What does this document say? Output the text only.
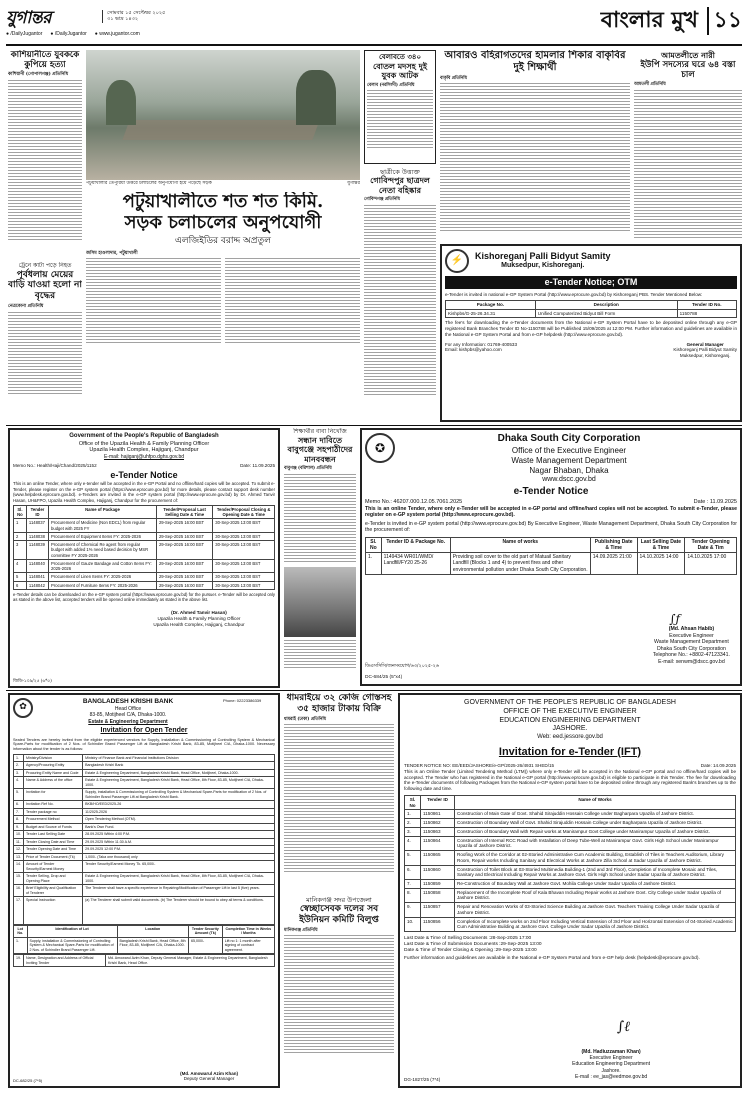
যুগান্তর	সোমবার ১৫ সেপ্টেম্বর ২০২৫
৩১ ভাদ্র ১৪৩২
● /DailyJugantor ● /DailyJugantor ● www.jugantor.com
বাংলার মুখ ১১
কাশিয়ানীতে যুবককে কুপিয়ে হত্যা
কাশিয়ানী (গোপালগঞ্জ) প্রতিনিধি
ট্রেনে কাটা পড়ে নিহত
পূর্বধলায় মেয়ের বাড়ি যাওয়া হলো না বৃদ্ধের
নেত্রকোনা প্রতিনিধি
পটুয়াখালীর তেপুরিয়া উত্তরে চলাচলের অনুপযোগী হয়ে পড়েছে সড়ক	যুগান্তর
পটুয়াখালীতে শত শত কিমি.
সড়ক চলাচলের অনুপযোগী
এলজিইডির বরাদ্দ অপ্রতুল
জসিম হাওলাদার, পটুয়াখালী
বেলাবতে ৩৪০
বোতল মদসহ দুই যুবক আটক
বেলাব (নরসিংদী) প্রতিনিধি
ছাত্রীকে উত্ত্যক্ত
গোবিন্দপুর ছাত্রদল নেতা বহিষ্কার
গোবিন্দগঞ্জ প্রতিনিধি
আবারও বহিরাগতদের হামলার শিকার বাকৃবির দুই শিক্ষার্থী
বাকৃবি প্রতিনিধি
আমতলীতে নারী
ইউপি সদস্যের ঘরে ৬৪ বস্তা চাল
আমতলী প্রতিনিধি
⚡	Kishoreganj Palli Bidyut Samity
Muksedpur, Kishoreganj.
e-Tender Notice; OTM
e-Tender is invited in national e-GP System Portal (http://www.eprocure.gov.bd) by Kishoreganj PBS. Tender Mentioned Below:
Package No.	Description	Tender ID No.
Kishpbs/G-25-26.34.31	Unified Computerized Bidyut Bill Form	1150788
The fee's for downloading the e-Tender documents from the National e-GP System Portal have to be deposited online through any e-GP registered Bank Branches Tender ID No-1150788 will be Published 15/09/2025 at 12:00 PM. Further information and guidelines are available in the National e-GP System Portal and from e-GP helpdesk (http://www.eprocure.gov.bd).
For any Information: 01769-400533
Email: kishpbs@yahoo.com
General Manager
Kishoreganj Palli Bidyut Samity
Muksedpur, Kishoreganj.
Government of the People's Republic of Bangladesh
Office of the Upazila Health & Family Planning Officer
Upazila Health Complex, Hajiganj, Chandpur
E-mail: hajiganj@uhfpo.dghs.gov.bd
Memo No.: Health/Haji/Chand/2025/1152	Date: 11.09.2025
e-Tender Notice
This is an online Tender, where only e-tender will be accepted in the e-GP Portal and no offline/hard copies will be accepted. To submit e-Tender, please register on the e-GP system portal (https://www.eprocure.gov.bd) for more details, please contact support desk number (www.helpdesk.eprocure.gov.bd). e-Tenders are invited in the e-GP system portal (http://www.eprocure.gov.bd) by Dr. Ahmed Tanvir Hasan, UH&FPO, Upazila Health Complex, Hajiganj, Chandpur for the procurement of:
Sl. No	Tender ID	Name of Package	Tender/Proposal Last Selling Date & Time	Tender/Proposal Closing & Opening Date & Time
1	1148037	Procurement of Medicine (Non EDCL) from regular budget with 2025 FY	29-Sep-2025 16:00 BST	30-Sep-2025 13:00 BST
2	1148038	Procurement of Equipment Items FY: 2025-2026	29-Sep-2025 16:00 BST	30-Sep-2025 13:00 BST
3	1148039	Procurement of Chemical Re agent from regular budget with added 1% need based decision by MSR committee FY 2025-2026	29-Sep-2025 16:00 BST	30-Sep-2025 13:00 BST
4	1148040	Procurement of Gauze Bandage and Cotton Items FY: 2025-2026	29-Sep-2025 16:00 BST	30-Sep-2025 13:00 BST
5	1148041	Procurement of Linen Items FY: 2025-2026	29-Sep-2025 16:00 BST	30-Sep-2025 13:00 BST
6	1148042	Procurement of Furniture Items FY: 2025-2026	29-Sep-2025 16:00 BST	30-Sep-2025 13:00 BST
e-Tender details can be downloaded on the e-GP system portal (https://www.eprocure.gov.bd) for the pursuer. e-Tender will be accepted only as stated in the above list, accepted tenders will be opened online immediately as stated in the above list.
(Dr. Ahmed Tanvir Hasan)
Upazila Health & Family Planning Officer
Upazila Health Complex, Hajiganj, Chandpur
জিডি-১০৯/২৫ (৬*৫)
শিক্ষার্থীর বাবা নিখোঁজ
সন্ধান দাবিতে বাবুগঞ্জে সহপাঠীদের মানববন্ধন
বাবুগঞ্জ (বরিশাল) প্রতিনিধি
✪
Dhaka South City Corporation
Office of the Executive Engineer
Waste Management Department
Nagar Bhaban, Dhaka
www.dscc.gov.bd
e-Tender Notice
Memo No.: 46207.000.12.05.7061.2025	Date : 11.09.2025
This is an online Tender, where only e-Tender will be accepted in e-GP portal and offline/hard copies will not be accepted. To submit e-Tender, please register on e-GP system portal (http://www.eprocure.gov.bd).
e-Tender is invited in e-GP system portal (http://www.eprocure.gov.bd) By Executive Engineer, Waste Management Department, Dhaka South City Corporation for the procurement of:
Sl. No	Tender ID & Package No.	Name of works	Publishing Date & Time	Last Selling Date & Time	Tender Opening Date & Tim
1.	1149434 WR01/WMD/ Landfill/FY20 25-26	Providing soil cover to the old part of Matuail Sanitary Landfill (Blocks 1 and 4) to prevent fires and other environmental pollution under Dhaka South City Corporation.	14.09.2025 21:00	14.10.2025 14:00	14.10.2025 17:00
∫ƒ
(Md. Ahsan Habib)
Executive Engineer
Waste Management Department
Dhaka South City Corporation
Telephone No.: +8802-47123341.
E-mail: xenwm@dscc.gov.bd
ডিএসসিসি/জনসংযোগ/৬৩/২০২৫-২৬
DC-684/25 (5"x4)
✿
BANGLADESH KRISHI BANK
Head Office
83-85, Motijheel C/A, Dhaka-1000.
Estate & Engineering Department
Phone: 02223386339
Invitation for Open Tender
Sealed Tenders are hereby invited from the eligible experienced vendors for Supply, installation & Commissioning of Controlling System & Mechanical Spare-Parts for modification of 2 Nos. of Schindler Brand Passenger Lift at Bangladesh Krishi Bank, 83-85, Motijheel C/A, Dhaka-1000. Necessary information about the tender is as follows:
1.	Ministry/Division	Ministry of Finance Bank and Financial Institutions Division
2.	Agency/Procuring Entity	Bangladesh Krishi Bank
3.	Procuring Entity Name and Code	Estate & Engineering Department, Bangladesh Krishi Bank, Head Office, Motijheel, Dhaka-1000.
4.	Name & Address of the office	Estate & Engineering Department, Bangladesh Krishi Bank, Head Office, 8th Floor, 83-85, Motijheel C/A, Dhaka-1000.
5.	Invitation for	Supply, installation & Commissioning of Controlling System & Mechanical Spare-Parts for modification of 2 Nos. of Schindler Brand Passenger Lift at Bangladesh Krishi Bank.
6.	Invitation Ref No.	BKB/HO/EED/2025-26
7.	Tender package no	11/2025-2026
8.	Procurement Method	Open Tendering Method (OTM).
9.	Budget and Source of Funds	Bank's Own Fund.
10.	Tender Last Selling Date	28.09.2025 Within 4:00 P.M.
11.	Tender Closing Date and Time	29.09.2025 Within 11:30 A.M.
12.	Tender Opening Date and Time	29.09.2025 12:00 P.M.
13.	Price of Tender Document (Tk)	1,000/- (Taka one thousand) only
14.	Amount of Tender Security/Earnest Money	Tender Security/Earnest Money Tk. 65,000/-
15.	Tender Selling, Drop and Opening Place	Estate & Engineering Department, Bangladesh Krishi Bank, Head Office, 8th Floor, 83-85, Motijheel C/A, Dhaka-1000.
16.	Brief Eligibility and Qualification of Tenderer	The Tenderer shall have a specific experience in Repairing/Modification of Passenger Lift in last 5 (five) years.
17.	Special Instruction	(a) The Tenderer shall submit valid documents. (b) The Tenderer should be bound to obey all terms & conditions.
Lot No.	Identification of Lot	Location	Tender Security Amount (Tk)	Completion Time in Weeks / Months
1.	Supply, installation & Commissioning of Controlling System & Mechanical Spare-Parts for modification of 2 Nos. of Schindler Brand Passenger Lift.	Bangladesh Krishi Bank, Head Office, 8th Floor, 83-85, Motijheel C/A, Dhaka-1000.	65,000/-	Lift no 1: 1 month after signing of contract agreement.
19.	Name, Designation and Address of Official Inviting Tender	Md. Amowarul Azim Khan, Deputy General Manager, Estate & Engineering Department, Bangladesh Krishi Bank, Head Office.
(Md. Amowarul Azim Khan)
Deputy General Manager
DC-682/25 (7*5)
ধামরাইয়ে ৩২ কেজি গোস্তসহ ৩৫ হাজার টাকায় বিক্রি
ধামরাই (ঢাকা) প্রতিনিধি
মানিকগঞ্জ সদর উপজেলা
স্বেচ্ছাসেবক দলের সব ইউনিয়ন কমিটি বিলুপ্ত
মানিকগঞ্জ প্রতিনিধি
GOVERNMENT OF THE PEOPLE'S REPUBLIC OF BANGLADESH
OFFICE OF THE EXECUTIVE ENGINEER
EDUCATION ENGINEERING DEPARTMENT
JASHORE.
Web: eed.jessore.gov.bd
Invitation for e-Tender (IFT)
TENDER NOTICE NO: EE/EED/JASHORE/e-GP/2025-26/4931 SHED/15	Date: 14.09.2025
This is an Online Tender (Limited Tendering Method (LTM)) where only e-Tender will be accepted in the National e-GP portal and no offline/hard copies will be accepted. The Tender who has registered in the National e-GP portal (http://www.eprocure.gov.bd) is eligible to participate in this Tender. The fee for downloading the e-Tender documents of following Packages from the National e-GP system portal have to be deposited online through any registered Bank's branches up to the following date and time.
Sl. No	Tender ID	Name of Works
1.	1150861	Construction of Main Gate of Govt. Shahid Sirajuddin Hossain College under Bagharpara Upazila of Jashore District.
2.	1150862	Construction of Boundary Wall of Govt. Shahid Sirajuddin Hossain College under Bagharpara Upazila of Jashore District.
3.	1150863	Construction of Boundary Wall with Repair works at Manirampur Govt College under Manirampur Upazila of Jashore District.
4.	1150864	Construction of Internal RCC Road with Installation of Deep Tube-Well at Manirampur Govt. Girls High School under Manirampur Upazila of Jashore District.
5.	1150865	Roofing Work of the Corridor at 02-Storied Administrative Cum Academic Building, Establish of Tiles in Teachers Auditorium, Library Room, Repair works Including Sanitary and Electrical Works at Jashore Zilla School at Sadar Upazila of Jashore District.
6.	1150860	Construction of Toilet Block at 03-Storied Multimedia Building-1 (2nd and 3rd Floor), Completion of Incomplete Mosaic and Tiles, Sanitary and Electrical Including Repair Works at Jashore Govt. Girls High School under Sadar Upazila of Jashore District.
7.	1150859	Re-Construction of Boundary Wall at Jashore Govt. Mohila College Under Sadar Upazila of Jashore District.
8.	1150858	Replacement of the Incomplete Roof of Kala Bhavan Including Repair works at Jashore Govt. City College under Sadar Upazila of Jashore District.
9.	1150857	Repair and Renovation Works of 03-Storied Science Building at Jashore Govt. Teachers Training College Under Sadar Upazila of Jashore District.
10.	1150856	Completion of Incomplete works on 2nd Floor Including Vertical Extension of 3rd Floor and Horizontal Extension of 04-Storied Academic Cum Administrative Building at Jashore Govt. College Under Sadar Upazila of Jashore District.
Last Date & Time of Selling Documents :28-Sep-2025 17:00
Last Date & Time of Submission Documents :29-Sep-2025 13:00
Date & Time of Tender Closing & Opening :29-Sep-2025 13:00
Further information and guidelines are available in the National e-GP System Portal and from e-GP help desk (helpdesk@eprocure.gov.bd).
∫ℓ
(Md. Hadiuzzaman Khan)
Executive Engineer
Education Engineering Department
Jashore.
E-mail : ee_jas@eedmoe.gov.bd
DG-1827/25 (7*4)
